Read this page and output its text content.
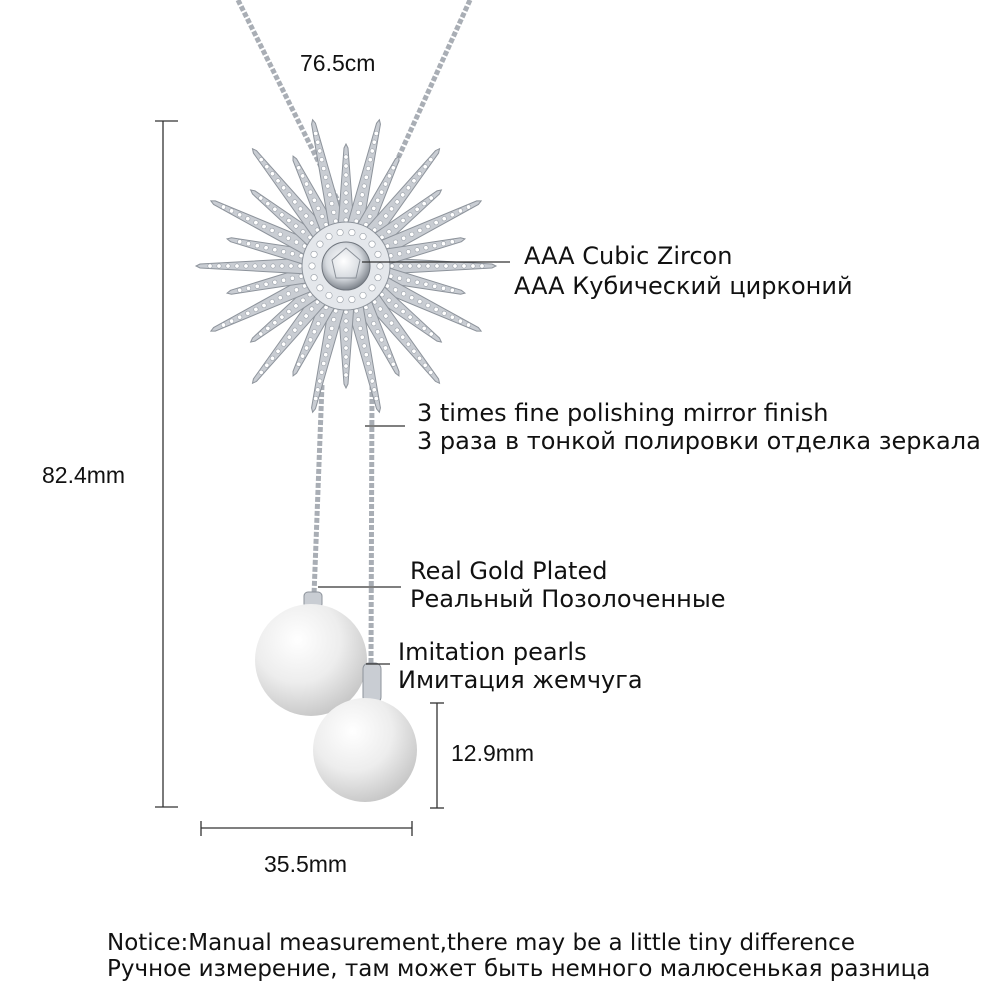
76.5cm
82.4mm
12.9mm
35.5mm
AAA Cubic Zircon
AAA Кубический цирконий
3 times fine polishing mirror finish
3 раза в тонкой полировки отделка зеркала
Real Gold Plated
Реальный Позолоченные
Imitation pearls
Имитация жемчуга
Notice:Manual measurement,there may be a little tiny difference
Ручное измерение, там может быть немного малюсенькая разница
